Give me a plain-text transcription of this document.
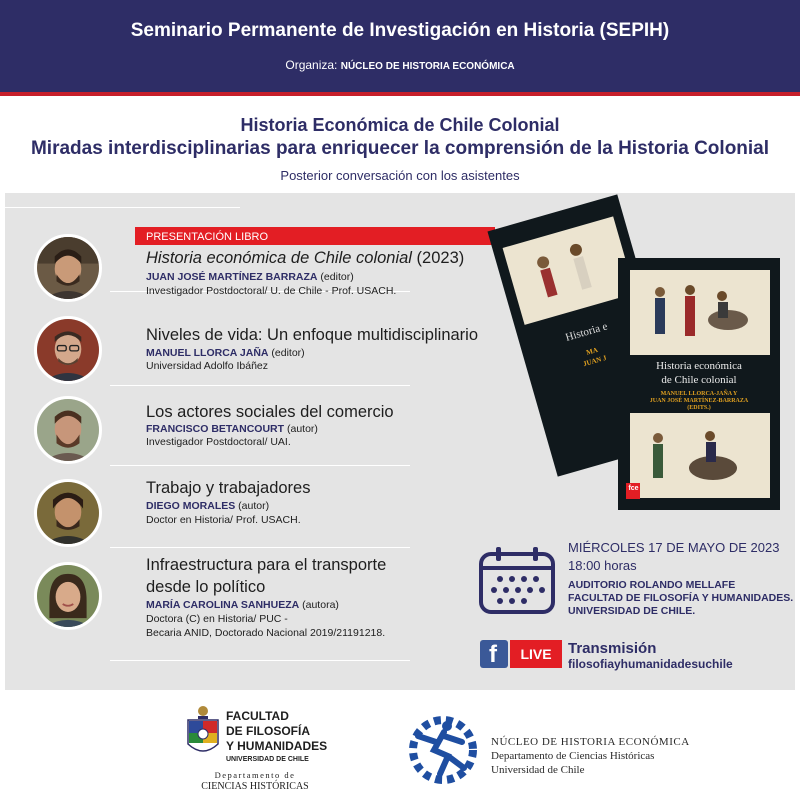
Seminario Permanente de Investigación en Historia (SEPIH)
Organiza: NÚCLEO DE HISTORIA ECONÓMICA
Historia Económica de Chile Colonial
Miradas interdisciplinarias para enriquecer la comprensión de la Historia Colonial
Posterior conversación con los asistentes
PRESENTACIÓN LIBRO
Historia económica de Chile colonial (2023)
JUAN JOSÉ MARTÍNEZ BARRAZA (editor)
Investigador Postdoctoral/ U. de Chile - Prof. USACH.
Niveles de vida: Un enfoque multidisciplinario
MANUEL LLORCA JAÑA (editor)
Universidad Adolfo Ibáñez
Los actores sociales del comercio
FRANCISCO BETANCOURT (autor)
Investigador Postdoctoral/ UAI.
Trabajo y trabajadores
DIEGO MORALES (autor)
Doctor en Historia/ Prof. USACH.
Infraestructura para el transporte
desde lo político
MARÍA CAROLINA SANHUEZA (autora)
Doctora (C) en Historia/ PUC -
Becaria ANID, Doctorado Nacional 2019/21191218.
Historia e
MA
JUAN J	Historia económica
de Chile colonial
MANUEL LLORCA-JAÑA Y
JUAN JOSÉ MARTÍNEZ-BARRAZA
(EDITS.)
fce
MIÉRCOLES 17 DE MAYO DE 2023
18:00 horas
AUDITORIO ROLANDO MELLAFE
FACULTAD DE FILOSOFÍA Y HUMANIDADES.
UNIVERSIDAD DE CHILE.
f	LIVE	Transmisión
filosofiayhumanidadesuchile
FACULTAD
DE FILOSOFÍA
Y HUMANIDADES
UNIVERSIDAD DE CHILE
Departamento de
CIENCIAS HISTÓRICAS
NÚCLEO DE HISTORIA ECONÓMICA
Departamento de Ciencias Históricas
Universidad de Chile
